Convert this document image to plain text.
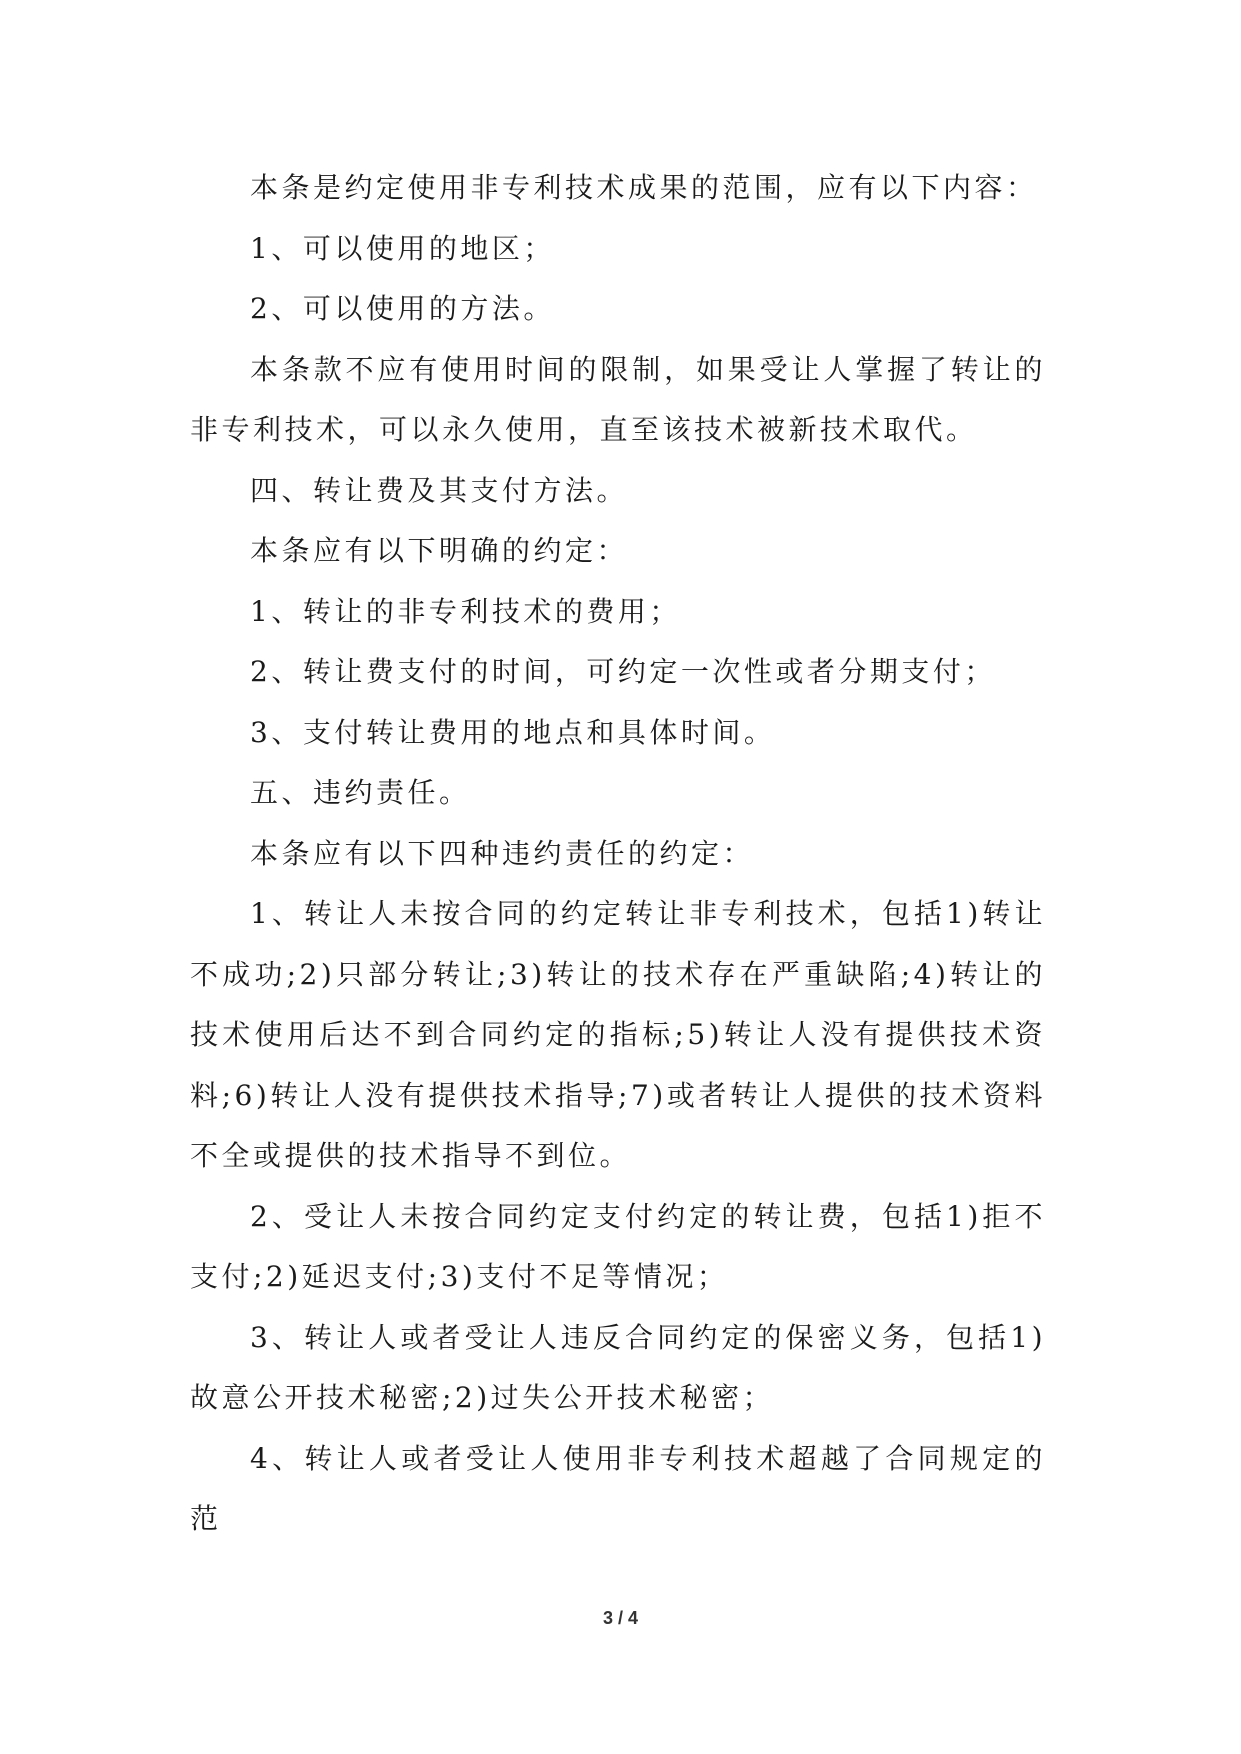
本条是约定使用非专利技术成果的范围，应有以下内容：

1、可以使用的地区；

2、可以使用的方法。

本条款不应有使用时间的限制，如果受让人掌握了转让的非专利技术，可以永久使用，直至该技术被新技术取代。

四、转让费及其支付方法。

本条应有以下明确的约定：

1、转让的非专利技术的费用；

2、转让费支付的时间，可约定一次性或者分期支付；

3、支付转让费用的地点和具体时间。

五、违约责任。

本条应有以下四种违约责任的约定：

1、转让人未按合同的约定转让非专利技术，包括1)转让不成功;2)只部分转让;3)转让的技术存在严重缺陷;4)转让的技术使用后达不到合同约定的指标;5)转让人没有提供技术资料;6)转让人没有提供技术指导;7)或者转让人提供的技术资料不全或提供的技术指导不到位。

2、受让人未按合同约定支付约定的转让费，包括1)拒不支付;2)延迟支付;3)支付不足等情况；

3、转让人或者受让人违反合同约定的保密义务，包括1)故意公开技术秘密;2)过失公开技术秘密；

4、转让人或者受让人使用非专利技术超越了合同规定的范

3 / 4
